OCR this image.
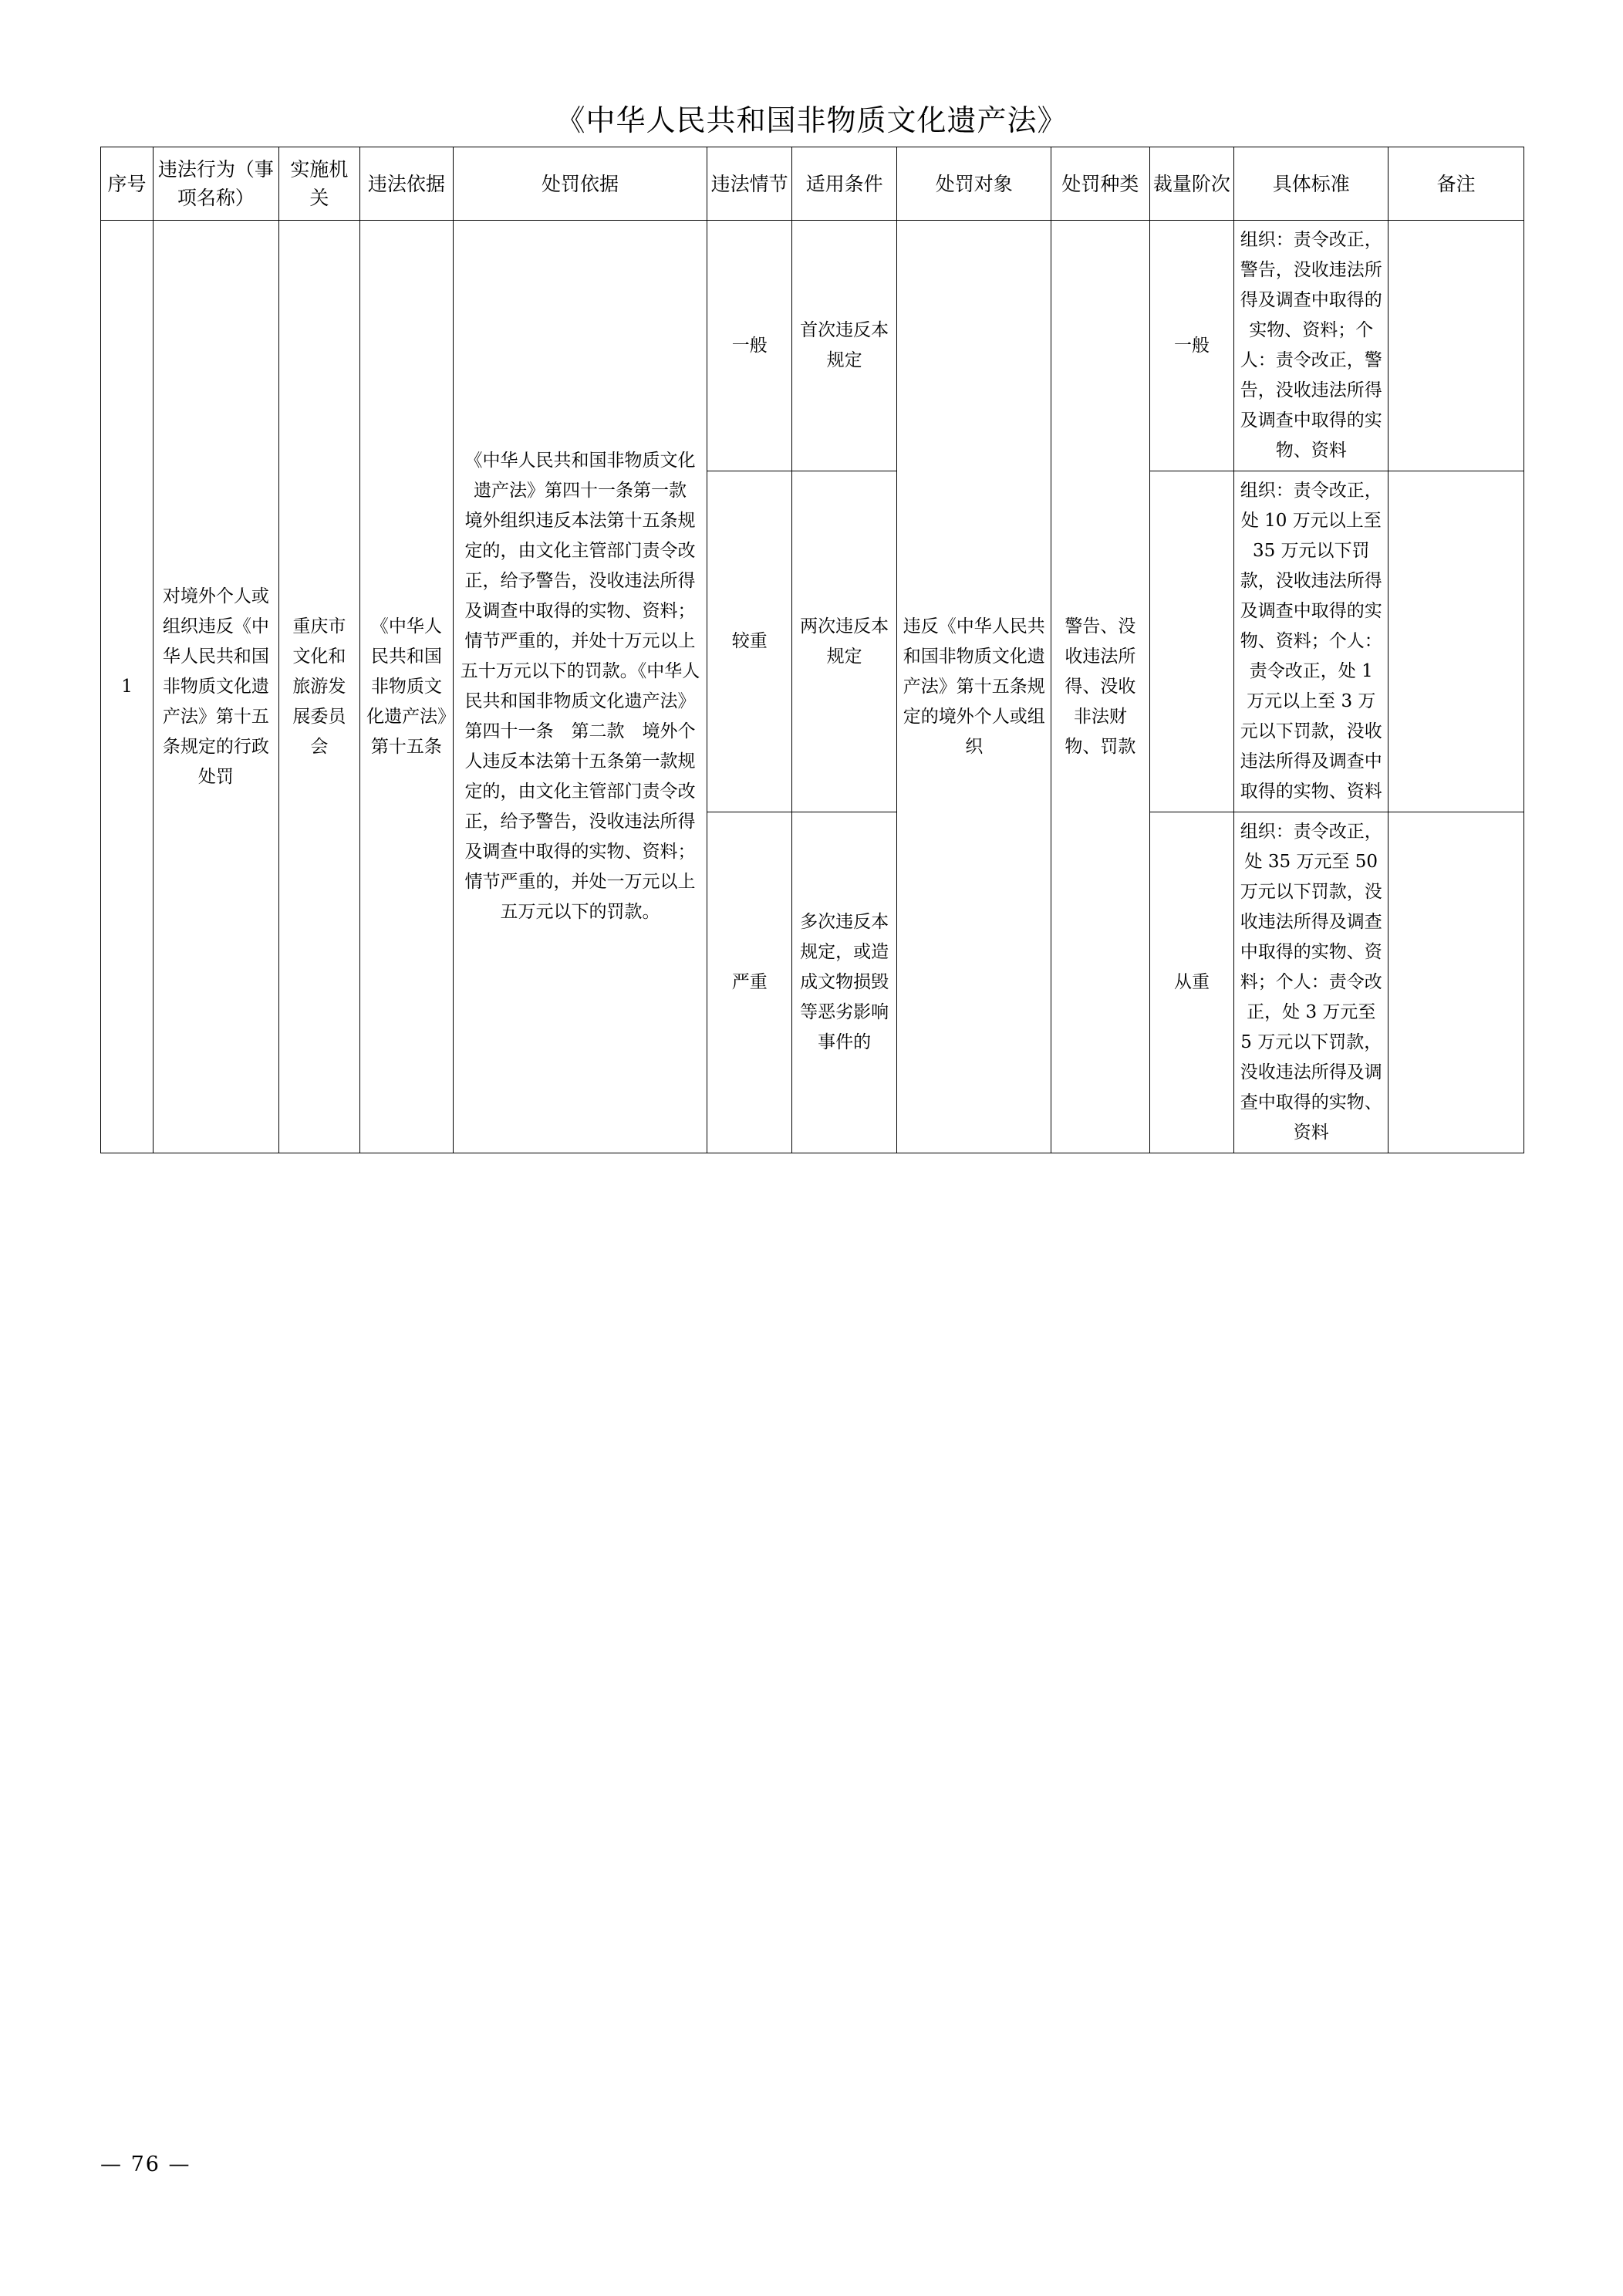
《中华人民共和国非物质文化遗产法》
序号	违法行为（事项名称）	实施机关	违法依据	处罚依据	违法情节	适用条件	处罚对象	处罚种类	裁量阶次	具体标准	备注
1	对境外个人或组织违反《中华人民共和国非物质文化遗产法》第十五条规定的行政处罚	重庆市文化和旅游发展委员会	《中华人民共和国非物质文化遗产法》第十五条	《中华人民共和国非物质文化遗产法》第四十一条第一款　境外组织违反本法第十五条规定的，由文化主管部门责令改正，给予警告，没收违法所得及调查中取得的实物、资料；情节严重的，并处十万元以上五十万元以下的罚款。《中华人民共和国非物质文化遗产法》第四十一条　第二款　境外个人违反本法第十五条第一款规定的，由文化主管部门责令改正，给予警告，没收违法所得及调查中取得的实物、资料；情节严重的，并处一万元以上五万元以下的罚款。	一般	首次违反本规定	违反《中华人民共和国非物质文化遗产法》第十五条规定的境外个人或组织	警告、没收违法所得、没收非法财物、罚款	一般	组织：责令改正，警告，没收违法所得及调查中取得的实物、资料；个人：责令改正，警告，没收违法所得及调查中取得的实物、资料	
					较重	两次违反本规定				组织：责令改正，处 10 万元以上至 35 万元以下罚款，没收违法所得及调查中取得的实物、资料；个人：责令改正，处 1 万元以上至 3 万元以下罚款，没收违法所得及调查中取得的实物、资料	
					严重	多次违反本规定，或造成文物损毁等恶劣影响事件的			从重	组织：责令改正，处 35 万元至 50 万元以下罚款，没收违法所得及调查中取得的实物、资料；个人：责令改正，处 3 万元至 5 万元以下罚款，没收违法所得及调查中取得的实物、资料	
— 76 —
